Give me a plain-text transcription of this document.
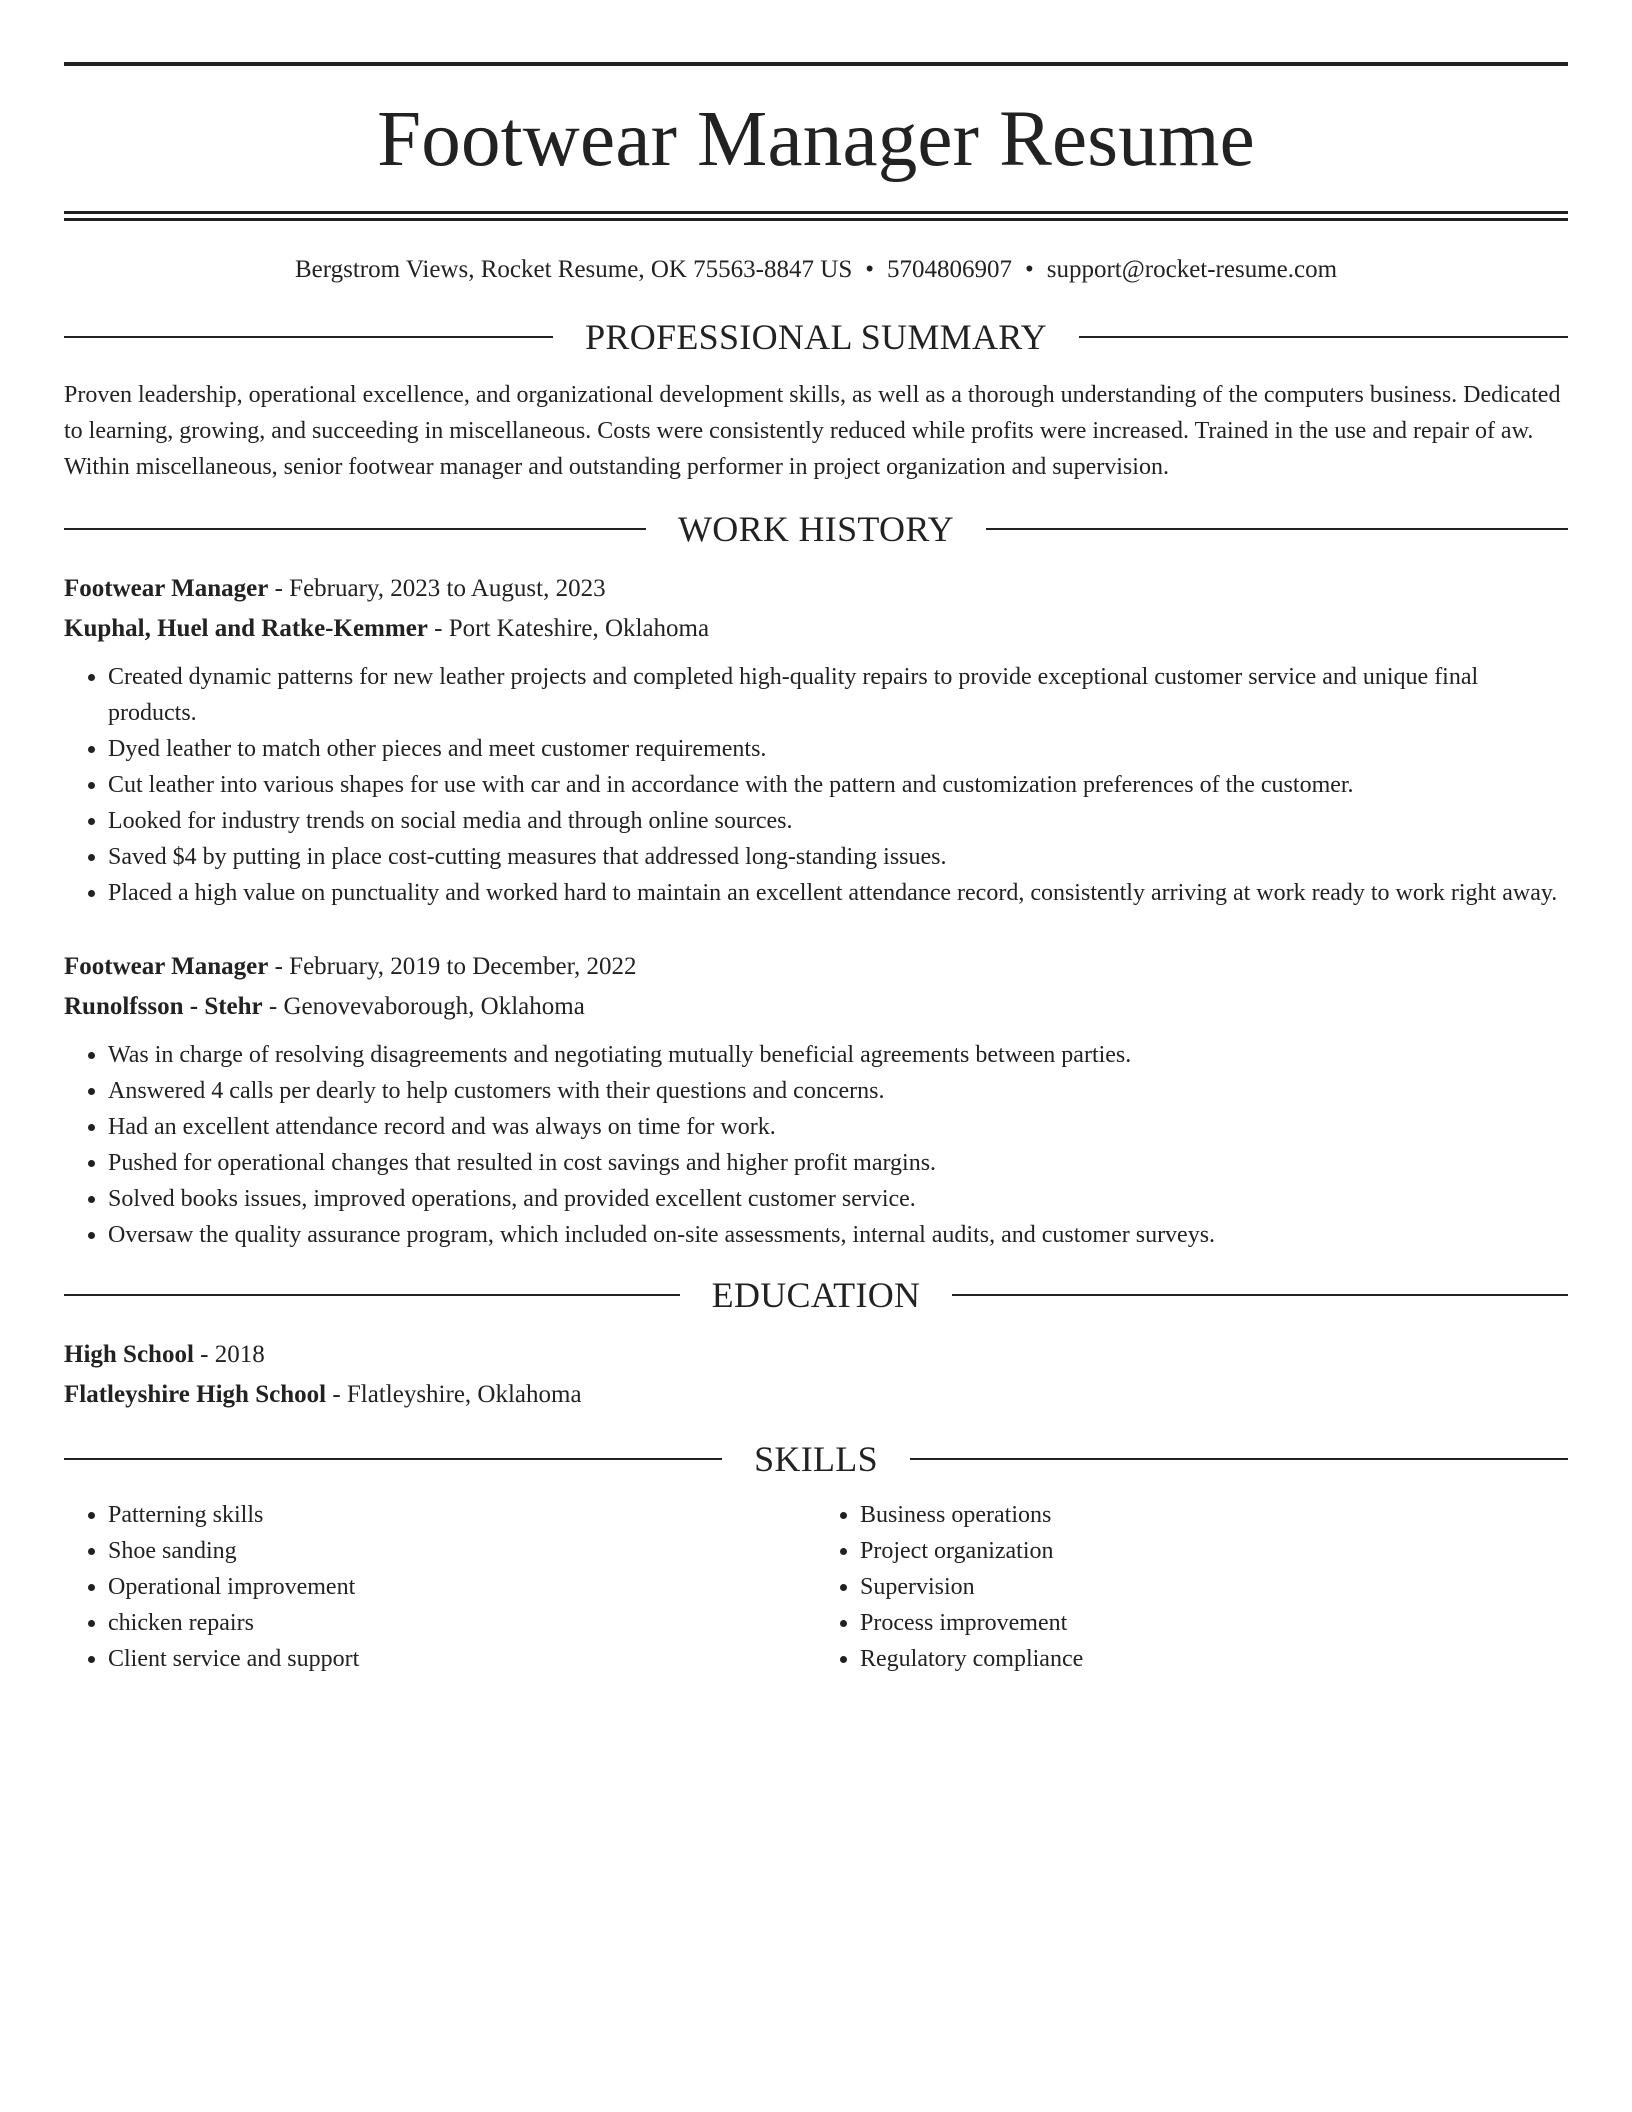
Footwear Manager Resume
Bergstrom Views, Rocket Resume, OK 75563-8847 US • 5704806907 • support@rocket-resume.com
PROFESSIONAL SUMMARY

Proven leadership, operational excellence, and organizational development skills, as well as a thorough understanding of the computers business. Dedicated to learning, growing, and succeeding in miscellaneous. Costs were consistently reduced while profits were increased. Trained in the use and repair of aw. Within miscellaneous, senior footwear manager and outstanding performer in project organization and supervision.

WORK HISTORY
Footwear Manager - February, 2023 to August, 2023
Kuphal, Huel and Ratke-Kemmer - Port Kateshire, Oklahoma
• Created dynamic patterns for new leather projects and completed high-quality repairs to provide exceptional customer service and unique final products.
• Dyed leather to match other pieces and meet customer requirements.
• Cut leather into various shapes for use with car and in accordance with the pattern and customization preferences of the customer.
• Looked for industry trends on social media and through online sources.
• Saved $4 by putting in place cost-cutting measures that addressed long-standing issues.
• Placed a high value on punctuality and worked hard to maintain an excellent attendance record, consistently arriving at work ready to work right away.
Footwear Manager - February, 2019 to December, 2022
Runolfsson - Stehr - Genovevaborough, Oklahoma
• Was in charge of resolving disagreements and negotiating mutually beneficial agreements between parties.
• Answered 4 calls per dearly to help customers with their questions and concerns.
• Had an excellent attendance record and was always on time for work.
• Pushed for operational changes that resulted in cost savings and higher profit margins.
• Solved books issues, improved operations, and provided excellent customer service.
• Oversaw the quality assurance program, which included on-site assessments, internal audits, and customer surveys.
EDUCATION
High School - 2018
Flatleyshire High School - Flatleyshire, Oklahoma
SKILLS
• Patterning skills
• Shoe sanding
• Operational improvement
• chicken repairs
• Client service and support
• Business operations
• Project organization
• Supervision
• Process improvement
• Regulatory compliance
